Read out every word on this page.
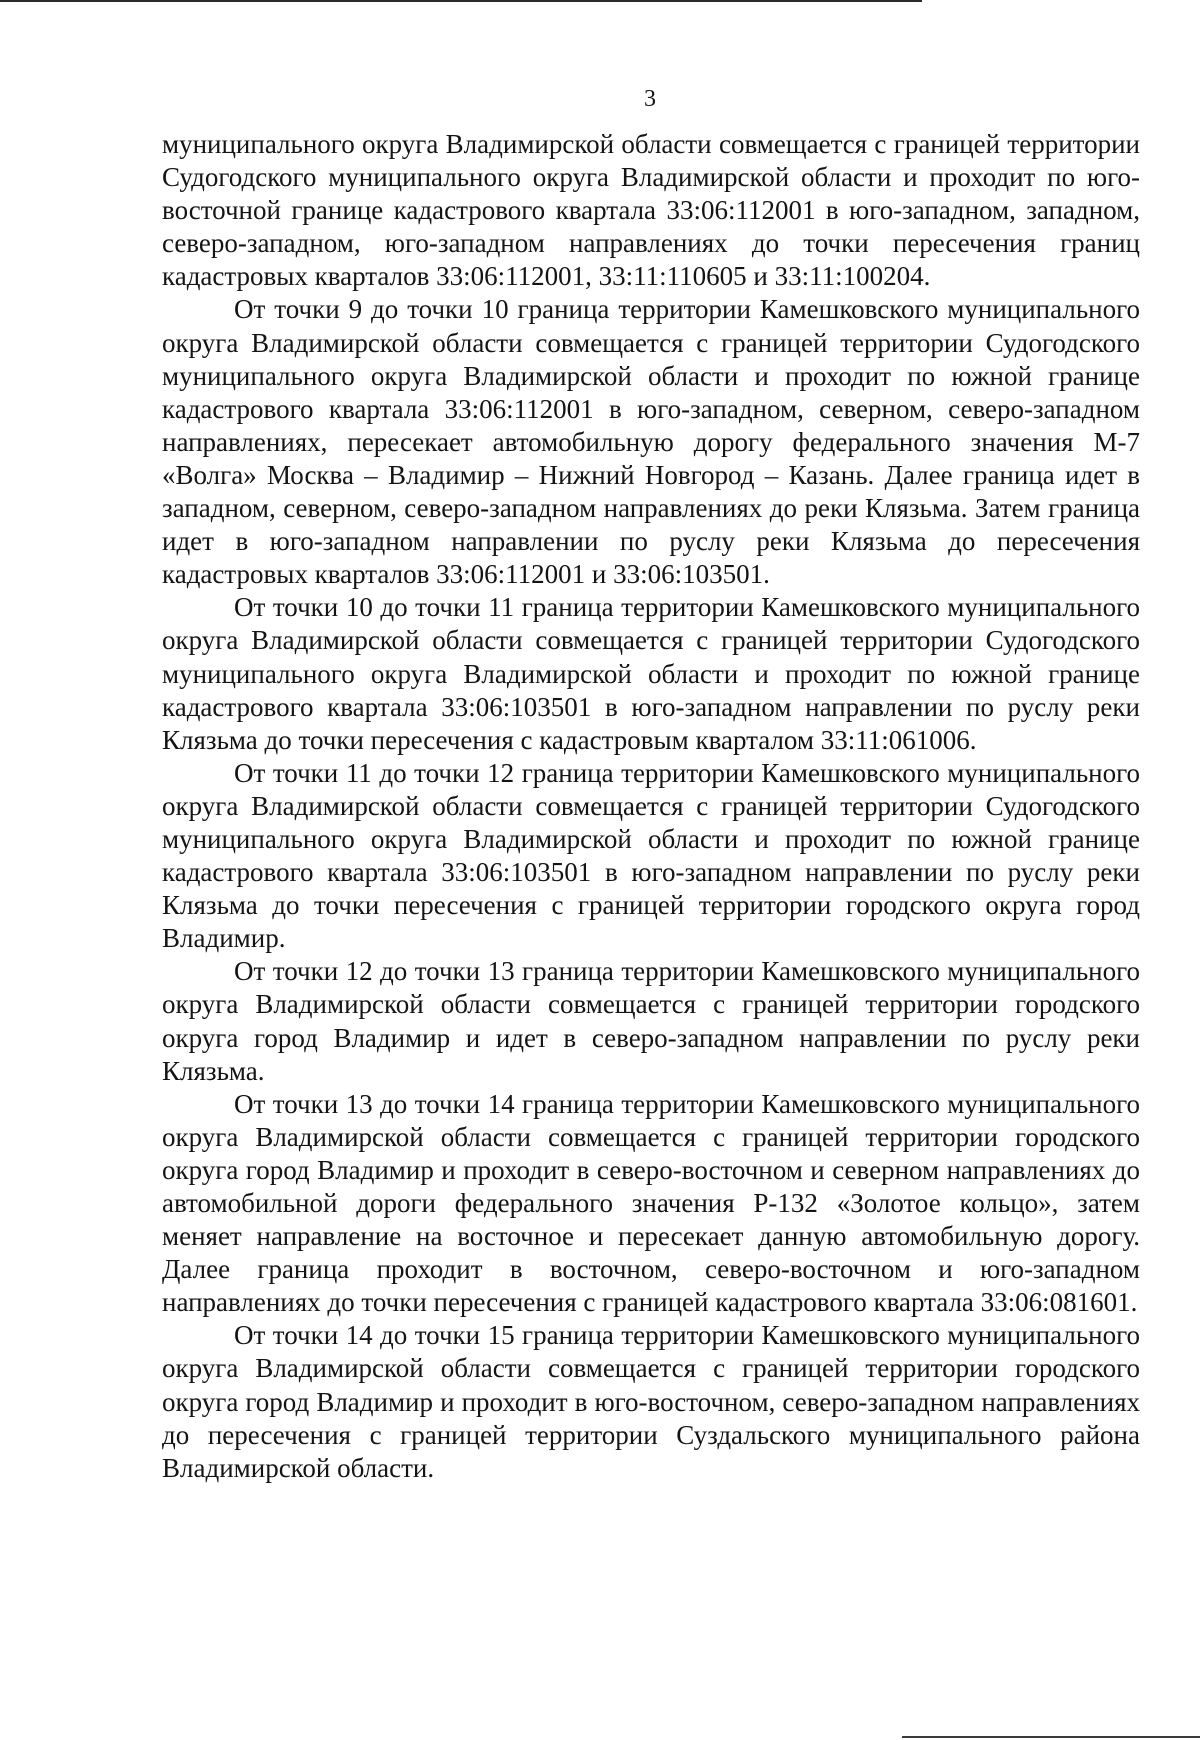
3

муниципального округа Владимирской области совмещается с границей территории Судогодского муниципального округа Владимирской области и проходит по юго-восточной границе кадастрового квартала 33:06:112001 в юго-западном, западном, северо-западном, юго-западном направлениях до точки пересечения границ кадастровых кварталов 33:06:112001, 33:11:110605 и 33:11:100204.

От точки 9 до точки 10 граница территории Камешковского муниципального округа Владимирской области совмещается с границей территории Судогодского муниципального округа Владимирской области и проходит по южной границе кадастрового квартала 33:06:112001 в юго-западном, северном, северо-западном направлениях, пересекает автомобильную дорогу федерального значения М-7 «Волга» Москва – Владимир – Нижний Новгород – Казань. Далее граница идет в западном, северном, северо-западном направлениях до реки Клязьма. Затем граница идет в юго-западном направлении по руслу реки Клязьма до пересечения кадастровых кварталов 33:06:112001 и 33:06:103501.

От точки 10 до точки 11 граница территории Камешковского муниципального округа Владимирской области совмещается с границей территории Судогодского муниципального округа Владимирской области и проходит по южной границе кадастрового квартала 33:06:103501 в юго-западном направлении по руслу реки Клязьма до точки пересечения с кадастровым кварталом 33:11:061006.

От точки 11 до точки 12 граница территории Камешковского муниципального округа Владимирской области совмещается с границей территории Судогодского муниципального округа Владимирской области и проходит по южной границе кадастрового квартала 33:06:103501 в юго-западном направлении по руслу реки Клязьма до точки пересечения с границей территории городского округа город Владимир.

От точки 12 до точки 13 граница территории Камешковского муниципального округа Владимирской области совмещается с границей территории городского округа город Владимир и идет в северо-западном направлении по руслу реки Клязьма.

От точки 13 до точки 14 граница территории Камешковского муниципального округа Владимирской области совмещается с границей территории городского округа город Владимир и проходит в северо-восточном и северном направлениях до автомобильной дороги федерального значения Р-132 «Золотое кольцо», затем меняет направление на восточное и пересекает данную автомобильную дорогу. Далее граница проходит в восточном, северо-восточном и юго-западном направлениях до точки пересечения с границей кадастрового квартала 33:06:081601.

От точки 14 до точки 15 граница территории Камешковского муниципального округа Владимирской области совмещается с границей территории городского округа город Владимир и проходит в юго-восточном, северо-западном направлениях до пересечения с границей территории Суздальского муниципального района Владимирской области.
